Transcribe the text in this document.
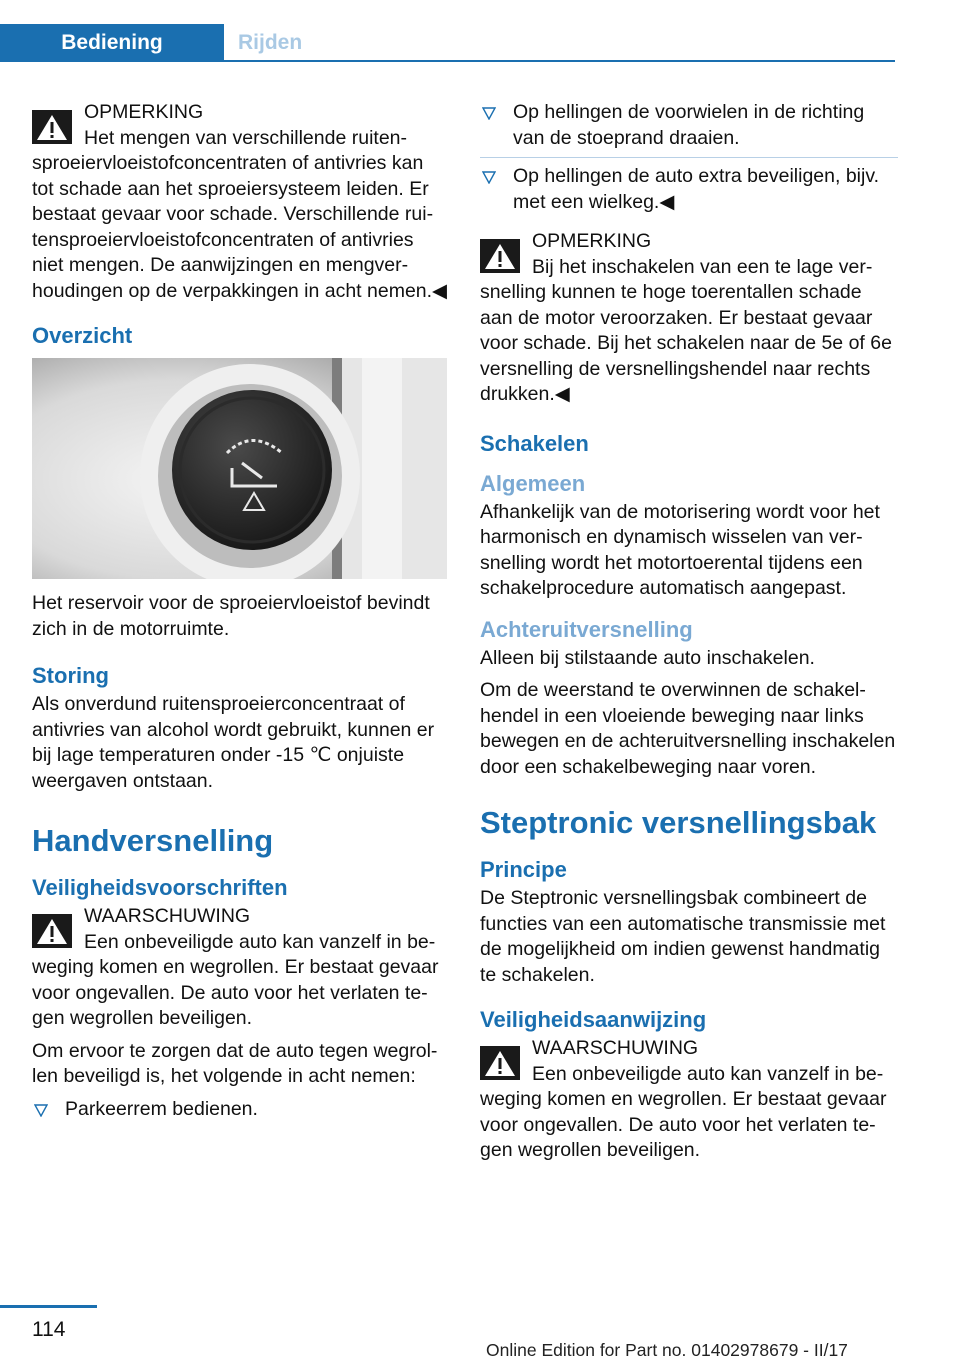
Bediening	Rijden
OPMERKING
Het mengen van verschillende ruiten-
sproeiervloeistofconcentraten of antivries kan tot schade aan het sproeiersysteem leiden. Er bestaat gevaar voor schade. Verschillende ruitensproeiervloeistofconcentraten of antivries niet mengen. De aanwijzingen en mengverhoudingen op de verpakkingen in acht nemen.◀
Overzicht

Het reservoir voor de sproeiervloeistof bevindt zich in de motorruimte.

Storing

Als onverdund ruitensproeierconcentraat of antivries van alcohol wordt gebruikt, kunnen er bij lage temperaturen onder -15 ℃ onjuiste weergaven ontstaan.

Handversnelling
Veiligheidsvoorschriften
WAARSCHUWING
Een onbeveiligde auto kan vanzelf in be-
weging komen en wegrollen. Er bestaat gevaar voor ongevallen. De auto voor het verlaten tegen wegrollen beveiligen.

Om ervoor te zorgen dat de auto tegen wegrollen beveiligd is, het volgende in acht nemen:

Parkeerrem bedienen.
Op hellingen de voorwielen in de richting van de stoeprand draaien.
Op hellingen de auto extra beveiligen, bijv. met een wielkeg.◀
OPMERKING
Bij het inschakelen van een te lage ver-
snelling kunnen te hoge toerentallen schade aan de motor veroorzaken. Er bestaat gevaar voor schade. Bij het schakelen naar de 5e of 6e versnelling de versnellingshendel naar rechts drukken.◀
Schakelen
Algemeen

Afhankelijk van de motorisering wordt voor het harmonisch en dynamisch wisselen van versnelling wordt het motortoerental tijdens een schakelprocedure automatisch aangepast.

Achteruitversnelling

Alleen bij stilstaande auto inschakelen.

Om de weerstand te overwinnen de schakelhendel in een vloeiende beweging naar links bewegen en de achteruitversnelling inschakelen door een schakelbeweging naar voren.

Steptronic versnellingsbak
Principe

De Steptronic versnellingsbak combineert de functies van een automatische transmissie met de mogelijkheid om indien gewenst handmatig te schakelen.

Veiligheidsaanwijzing
WAARSCHUWING
Een onbeveiligde auto kan vanzelf in be-
weging komen en wegrollen. Er bestaat gevaar voor ongevallen. De auto voor het verlaten tegen wegrollen beveiligen.
114
Online Edition for Part no. 01402978679 - II/17
